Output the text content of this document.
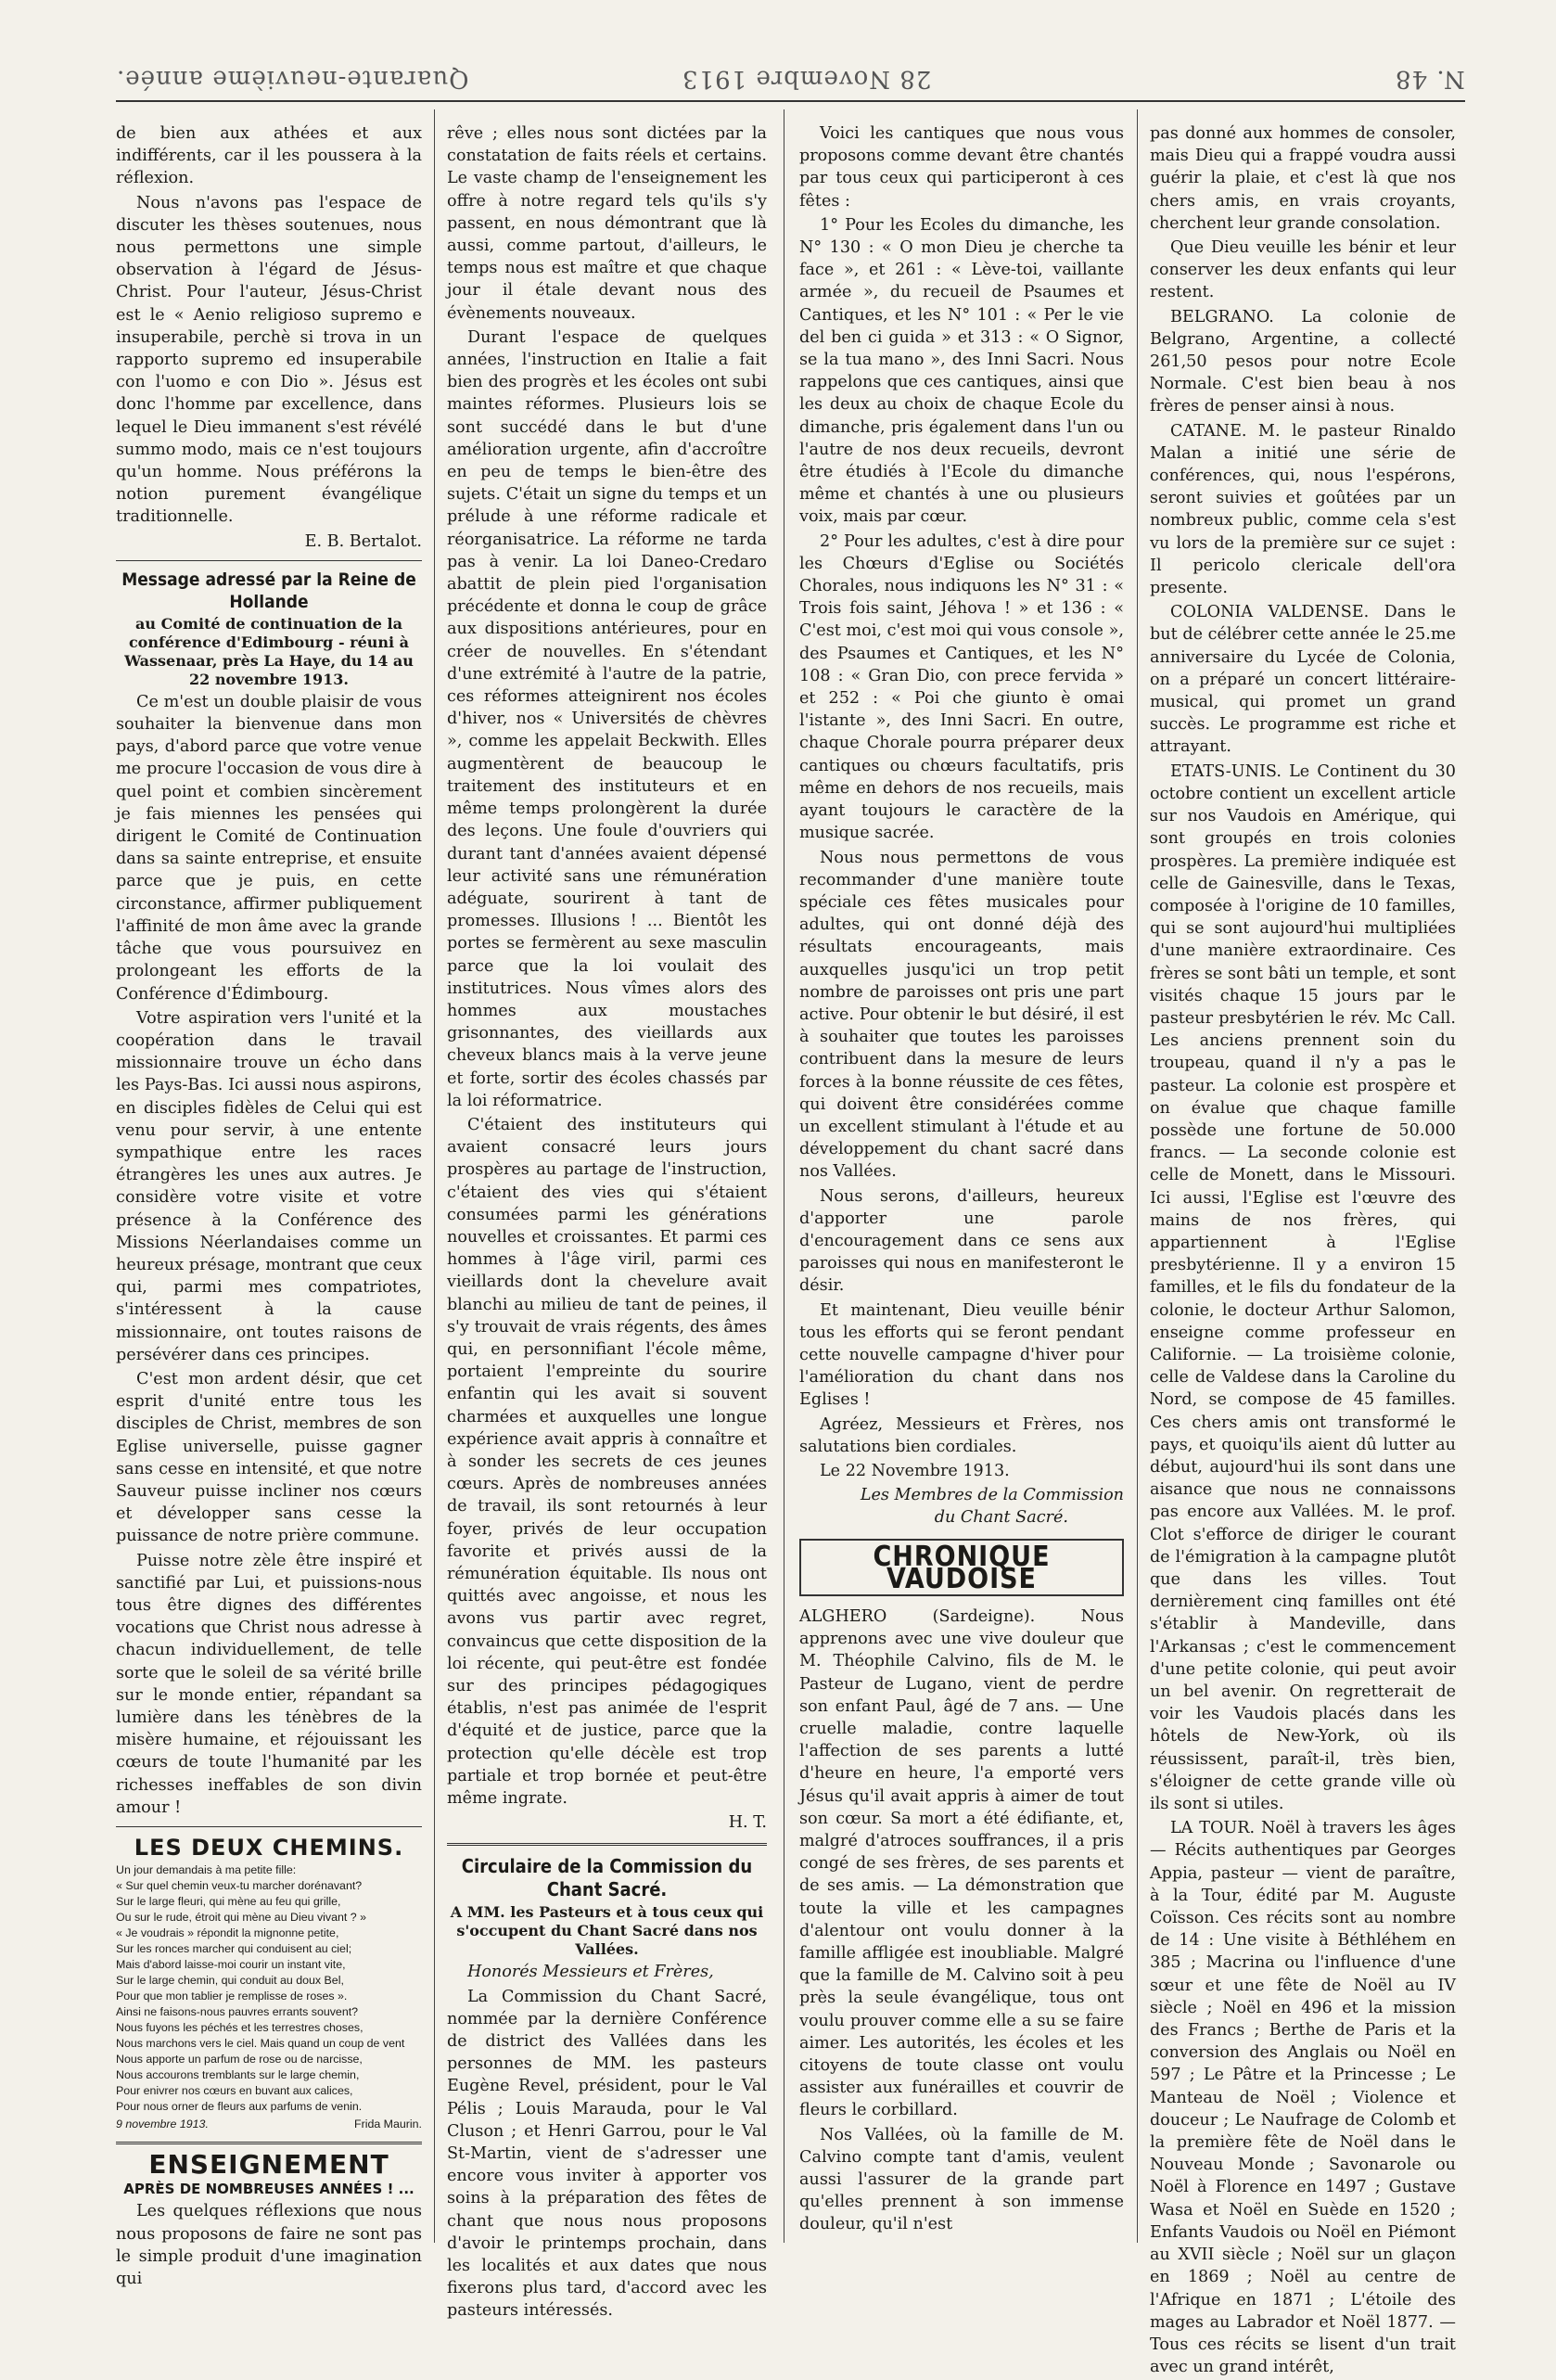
Quarante-neuvième année.	28 Novembre 1913	N. 48

de bien aux athées et aux indifférents, car il les poussera à la réflexion.

Nous n'avons pas l'espace de discuter les thèses soutenues, nous nous permettons une simple observation à l'égard de Jésus-Christ. Pour l'auteur, Jésus-Christ est le « Aenio religioso supremo e insuperabile, perchè si trova in un rapporto supremo ed insuperabile con l'uomo e con Dio ». Jésus est donc l'homme par excellence, dans lequel le Dieu immanent s'est révélé summo modo, mais ce n'est toujours qu'un homme. Nous préférons la notion purement évangélique traditionnelle.

E. B. Bertalot.
Message adressé par la Reine de Hollande
au Comité de continuation de la conférence d'Edimbourg - réuni à Wassenaar, près La Haye, du 14 au 22 novembre 1913.

Ce m'est un double plaisir de vous souhaiter la bienvenue dans mon pays, d'abord parce que votre venue me procure l'occasion de vous dire à quel point et combien sincèrement je fais miennes les pensées qui dirigent le Comité de Continuation dans sa sainte entreprise, et ensuite parce que je puis, en cette circonstance, affirmer publiquement l'affinité de mon âme avec la grande tâche que vous poursuivez en prolongeant les efforts de la Conférence d'Édimbourg.

Votre aspiration vers l'unité et la coopération dans le travail missionnaire trouve un écho dans les Pays-Bas. Ici aussi nous aspirons, en disciples fidèles de Celui qui est venu pour servir, à une entente sympathique entre les races étrangères les unes aux autres. Je considère votre visite et votre présence à la Conférence des Missions Néerlandaises comme un heureux présage, montrant que ceux qui, parmi mes compatriotes, s'intéressent à la cause missionnaire, ont toutes raisons de persévérer dans ces principes.

C'est mon ardent désir, que cet esprit d'unité entre tous les disciples de Christ, membres de son Eglise universelle, puisse gagner sans cesse en intensité, et que notre Sauveur puisse incliner nos cœurs et développer sans cesse la puissance de notre prière commune.

Puisse notre zèle être inspiré et sanctifié par Lui, et puissions-nous tous être dignes des différentes vocations que Christ nous adresse à chacun individuellement, de telle sorte que le soleil de sa vérité brille sur le monde entier, répandant sa lumière dans les ténèbres de la misère humaine, et réjouissant les cœurs de toute l'humanité par les richesses ineffables de son divin amour !

LES DEUX CHEMINS.
Un jour demandais à ma petite fille:
« Sur quel chemin veux-tu marcher dorénavant?
Sur le large fleuri, qui mène au feu qui grille,
Ou sur le rude, étroit qui mène au Dieu vivant ? »
« Je voudrais » répondit la mignonne petite,
Sur les ronces marcher qui conduisent au ciel;
Mais d'abord laisse-moi courir un instant vite,
Sur le large chemin, qui conduit au doux Bel,
Pour que mon tablier je remplisse de roses ».
Ainsi ne faisons-nous pauvres errants souvent?
Nous fuyons les péchés et les terrestres choses,
Nous marchons vers le ciel. Mais quand un coup de vent
Nous apporte un parfum de rose ou de narcisse,
Nous accourons tremblants sur le large chemin,
Pour enivrer nos cœurs en buvant aux calices,
Pour nous orner de fleurs aux parfums de venin.
9 novembre 1913.	Frida Maurin.
ENSEIGNEMENT
APRÈS DE NOMBREUSES ANNÉES ! ...

Les quelques réflexions que nous nous proposons de faire ne sont pas le simple produit d'une imagination qui

rêve ; elles nous sont dictées par la constatation de faits réels et certains. Le vaste champ de l'enseignement les offre à notre regard tels qu'ils s'y passent, en nous démontrant que là aussi, comme partout, d'ailleurs, le temps nous est maître et que chaque jour il étale devant nous des évènements nouveaux.

Durant l'espace de quelques années, l'instruction en Italie a fait bien des progrès et les écoles ont subi maintes réformes. Plusieurs lois se sont succédé dans le but d'une amélioration urgente, afin d'accroître en peu de temps le bien-être des sujets. C'était un signe du temps et un prélude à une réforme radicale et réorganisatrice. La réforme ne tarda pas à venir. La loi Daneo-Credaro abattit de plein pied l'organisation précédente et donna le coup de grâce aux dispositions antérieures, pour en créer de nouvelles. En s'étendant d'une extrémité à l'autre de la patrie, ces réformes atteignirent nos écoles d'hiver, nos « Universités de chèvres », comme les appelait Beckwith. Elles augmentèrent de beaucoup le traitement des instituteurs et en même temps prolongèrent la durée des leçons. Une foule d'ouvriers qui durant tant d'années avaient dépensé leur activité sans une rémunération adéguate, sourirent à tant de promesses. Illusions ! ... Bientôt les portes se fermèrent au sexe masculin parce que la loi voulait des institutrices. Nous vîmes alors des hommes aux moustaches grisonnantes, des vieillards aux cheveux blancs mais à la verve jeune et forte, sortir des écoles chassés par la loi réformatrice.

C'étaient des instituteurs qui avaient consacré leurs jours prospères au partage de l'instruction, c'étaient des vies qui s'étaient consumées parmi les générations nouvelles et croissantes. Et parmi ces hommes à l'âge viril, parmi ces vieillards dont la chevelure avait blanchi au milieu de tant de peines, il s'y trouvait de vrais régents, des âmes qui, en personnifiant l'école même, portaient l'empreinte du sourire enfantin qui les avait si souvent charmées et auxquelles une longue expérience avait appris à connaître et à sonder les secrets de ces jeunes cœurs. Après de nombreuses années de travail, ils sont retournés à leur foyer, privés de leur occupation favorite et privés aussi de la rémunération équitable. Ils nous ont quittés avec angoisse, et nous les avons vus partir avec regret, convaincus que cette disposition de la loi récente, qui peut-être est fondée sur des principes pédagogiques établis, n'est pas animée de l'esprit d'équité et de justice, parce que la protection qu'elle décèle est trop partiale et trop bornée et peut-être même ingrate.

H. T.
Circulaire de la Commission du Chant Sacré.
A MM. les Pasteurs et à tous ceux qui s'occupent du Chant Sacré dans nos Vallées.

Honorés Messieurs et Frères,

La Commission du Chant Sacré, nommée par la dernière Conférence de district des Vallées dans les personnes de MM. les pasteurs Eugène Revel, président, pour le Val Pélis ; Louis Marauda, pour le Val Cluson ; et Henri Garrou, pour le Val St-Martin, vient de s'adresser une encore vous inviter à apporter vos soins à la préparation des fêtes de chant que nous nous proposons d'avoir le printemps prochain, dans les localités et aux dates que nous fixerons plus tard, d'accord avec les pasteurs intéressés.

Voici les cantiques que nous vous proposons comme devant être chantés par tous ceux qui participeront à ces fêtes :

1° Pour les Ecoles du dimanche, les N° 130 : « O mon Dieu je cherche ta face », et 261 : « Lève-toi, vaillante armée », du recueil de Psaumes et Cantiques, et les N° 101 : « Per le vie del ben ci guida » et 313 : « O Signor, se la tua mano », des Inni Sacri. Nous rappelons que ces cantiques, ainsi que les deux au choix de chaque Ecole du dimanche, pris également dans l'un ou l'autre de nos deux recueils, devront être étudiés à l'Ecole du dimanche même et chantés à une ou plusieurs voix, mais par cœur.

2° Pour les adultes, c'est à dire pour les Chœurs d'Eglise ou Sociétés Chorales, nous indiquons les N° 31 : « Trois fois saint, Jéhova ! » et 136 : « C'est moi, c'est moi qui vous console », des Psaumes et Cantiques, et les N° 108 : « Gran Dio, con prece fervida » et 252 : « Poi che giunto è omai l'istante », des Inni Sacri. En outre, chaque Chorale pourra préparer deux cantiques ou chœurs facultatifs, pris même en dehors de nos recueils, mais ayant toujours le caractère de la musique sacrée.

Nous nous permettons de vous recommander d'une manière toute spéciale ces fêtes musicales pour adultes, qui ont donné déjà des résultats encourageants, mais auxquelles jusqu'ici un trop petit nombre de paroisses ont pris une part active. Pour obtenir le but désiré, il est à souhaiter que toutes les paroisses contribuent dans la mesure de leurs forces à la bonne réussite de ces fêtes, qui doivent être considérées comme un excellent stimulant à l'étude et au développement du chant sacré dans nos Vallées.

Nous serons, d'ailleurs, heureux d'apporter une parole d'encouragement dans ce sens aux paroisses qui nous en manifesteront le désir.

Et maintenant, Dieu veuille bénir tous les efforts qui se feront pendant cette nouvelle campagne d'hiver pour l'amélioration du chant dans nos Eglises !

Agréez, Messieurs et Frères, nos salutations bien cordiales.

Le 22 Novembre 1913.

Les Membres de la Commission
du Chant Sacré.
CHRONIQUE VAUDOISE

ALGHERO (Sardeigne). Nous apprenons avec une vive douleur que M. Théophile Calvino, fils de M. le Pasteur de Lugano, vient de perdre son enfant Paul, âgé de 7 ans. — Une cruelle maladie, contre laquelle l'affection de ses parents a lutté d'heure en heure, l'a emporté vers Jésus qu'il avait appris à aimer de tout son cœur. Sa mort a été édifiante, et, malgré d'atroces souffrances, il a pris congé de ses frères, de ses parents et de ses amis. — La démonstration que toute la ville et les campagnes d'alentour ont voulu donner à la famille affligée est inoubliable. Malgré que la famille de M. Calvino soit à peu près la seule évangélique, tous ont voulu prouver comme elle a su se faire aimer. Les autorités, les écoles et les citoyens de toute classe ont voulu assister aux funérailles et couvrir de fleurs le corbillard.

Nos Vallées, où la famille de M. Calvino compte tant d'amis, veulent aussi l'assurer de la grande part qu'elles prennent à son immense douleur, qu'il n'est

pas donné aux hommes de consoler, mais Dieu qui a frappé voudra aussi guérir la plaie, et c'est là que nos chers amis, en vrais croyants, cherchent leur grande consolation.

Que Dieu veuille les bénir et leur conserver les deux enfants qui leur restent.

BELGRANO. La colonie de Belgrano, Argentine, a collecté 261,50 pesos pour notre Ecole Normale. C'est bien beau à nos frères de penser ainsi à nous.

CATANE. M. le pasteur Rinaldo Malan a initié une série de conférences, qui, nous l'espérons, seront suivies et goûtées par un nombreux public, comme cela s'est vu lors de la première sur ce sujet : Il pericolo clericale dell'ora presente.

COLONIA VALDENSE. Dans le but de célébrer cette année le 25.me anniversaire du Lycée de Colonia, on a préparé un concert littéraire-musical, qui promet un grand succès. Le programme est riche et attrayant.

ETATS-UNIS. Le Continent du 30 octobre contient un excellent article sur nos Vaudois en Amérique, qui sont groupés en trois colonies prospères. La première indiquée est celle de Gainesville, dans le Texas, composée à l'origine de 10 familles, qui se sont aujourd'hui multipliées d'une manière extraordinaire. Ces frères se sont bâti un temple, et sont visités chaque 15 jours par le pasteur presbytérien le rév. Mc Call. Les anciens prennent soin du troupeau, quand il n'y a pas le pasteur. La colonie est prospère et on évalue que chaque famille possède une fortune de 50.000 francs. — La seconde colonie est celle de Monett, dans le Missouri. Ici aussi, l'Eglise est l'œuvre des mains de nos frères, qui appartiennent à l'Eglise presbytérienne. Il y a environ 15 familles, et le fils du fondateur de la colonie, le docteur Arthur Salomon, enseigne comme professeur en Californie. — La troisième colonie, celle de Valdese dans la Caroline du Nord, se compose de 45 familles. Ces chers amis ont transformé le pays, et quoiqu'ils aient dû lutter au début, aujourd'hui ils sont dans une aisance que nous ne connaissons pas encore aux Vallées. M. le prof. Clot s'efforce de diriger le courant de l'émigration à la campagne plutôt que dans les villes. Tout dernièrement cinq familles ont été s'établir à Mandeville, dans l'Arkansas ; c'est le commencement d'une petite colonie, qui peut avoir un bel avenir. On regretterait de voir les Vaudois placés dans les hôtels de New-York, où ils réussissent, paraît-il, très bien, s'éloigner de cette grande ville où ils sont si utiles.

LA TOUR. Noël à travers les âges — Récits authentiques par Georges Appia, pasteur — vient de paraître, à la Tour, édité par M. Auguste Coïsson. Ces récits sont au nombre de 14 : Une visite à Béthléhem en 385 ; Macrina ou l'influence d'une sœur et une fête de Noël au IV siècle ; Noël en 496 et la mission des Francs ; Berthe de Paris et la conversion des Anglais ou Noël en 597 ; Le Pâtre et la Princesse ; Le Manteau de Noël ; Violence et douceur ; Le Naufrage de Colomb et la première fête de Noël dans le Nouveau Monde ; Savonarole ou Noël à Florence en 1497 ; Gustave Wasa et Noël en Suède en 1520 ; Enfants Vaudois ou Noël en Piémont au XVII siècle ; Noël sur un glaçon en 1869 ; Noël au centre de l'Afrique en 1871 ; L'étoile des mages au Labrador et Noël 1877. — Tous ces récits se lisent d'un trait avec un grand intérêt,
